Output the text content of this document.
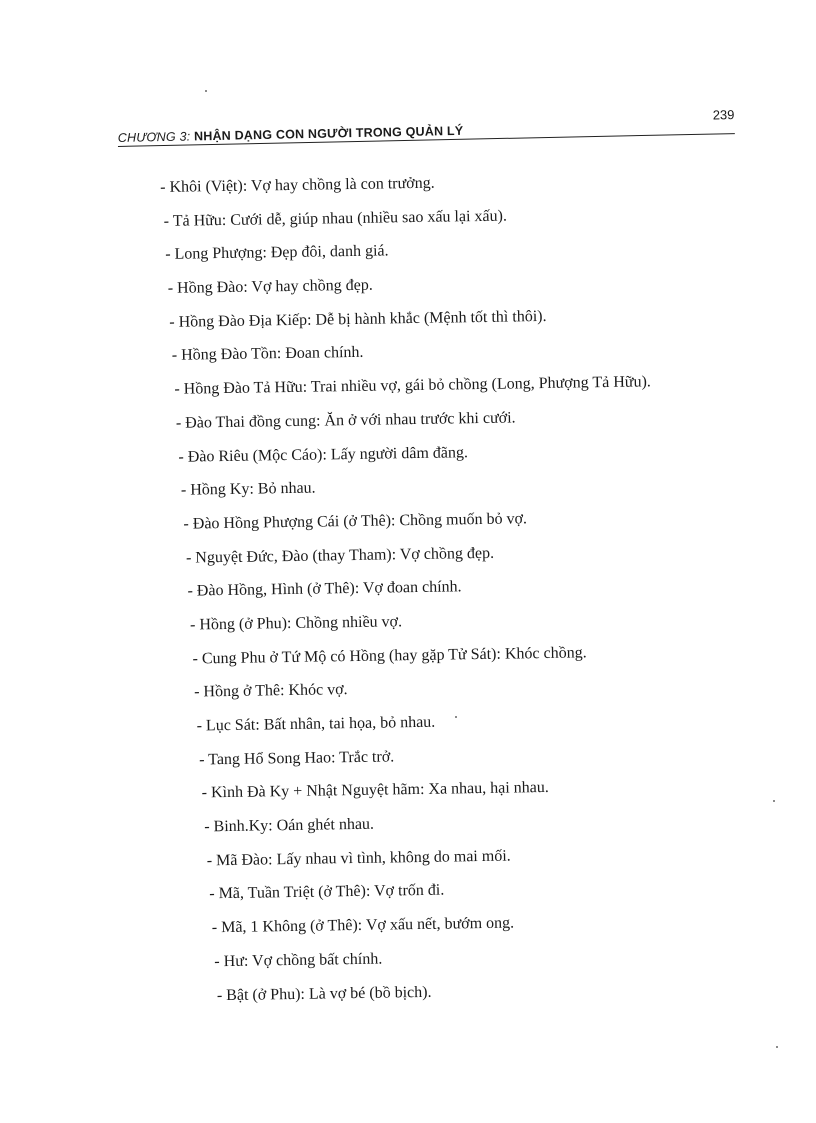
CHƯƠNG 3: NHẬN DẠNG CON NGƯỜI TRONG QUẢN LÝ
239
- Khôi (Việt): Vợ hay chồng là con trưởng.
- Tả Hữu: Cưới dễ, giúp nhau (nhiều sao xấu lại xấu).
- Long Phượng: Đẹp đôi, danh giá.
- Hồng Đào: Vợ hay chồng đẹp.
- Hồng Đào Địa Kiếp: Dễ bị hành khắc (Mệnh tốt thì thôi).
- Hồng Đào Tồn: Đoan chính.
- Hồng Đào Tả Hữu: Trai nhiều vợ, gái bỏ chồng (Long, Phượng Tả Hữu).
- Đào Thai đồng cung: Ăn ở với nhau trước khi cưới.
- Đào Riêu (Mộc Cáo): Lấy người dâm đãng.
- Hồng Ky: Bỏ nhau.
- Đào Hồng Phượng Cái (ở Thê): Chồng muốn bỏ vợ.
- Nguyệt Đức, Đào (thay Tham): Vợ chồng đẹp.
- Đào Hồng, Hình (ở Thê): Vợ đoan chính.
- Hồng (ở Phu): Chồng nhiều vợ.
- Cung Phu ở Tứ Mộ có Hồng (hay gặp Tử Sát): Khóc chồng.
- Hồng ở Thê: Khóc vợ.
- Lục Sát: Bất nhân, tai họa, bỏ nhau.
- Tang Hổ Song Hao: Trắc trở.
- Kình Đà Ky + Nhật Nguyệt hãm: Xa nhau, hại nhau.
- Binh.Ky: Oán ghét nhau.
- Mã Đào: Lấy nhau vì tình, không do mai mối.
- Mã, Tuần Triệt (ở Thê): Vợ trốn đi.
- Mã, 1 Không (ở Thê): Vợ xấu nết, bướm ong.
- Hư: Vợ chồng bất chính.
- Bật (ở Phu): Là vợ bé (bồ bịch).
